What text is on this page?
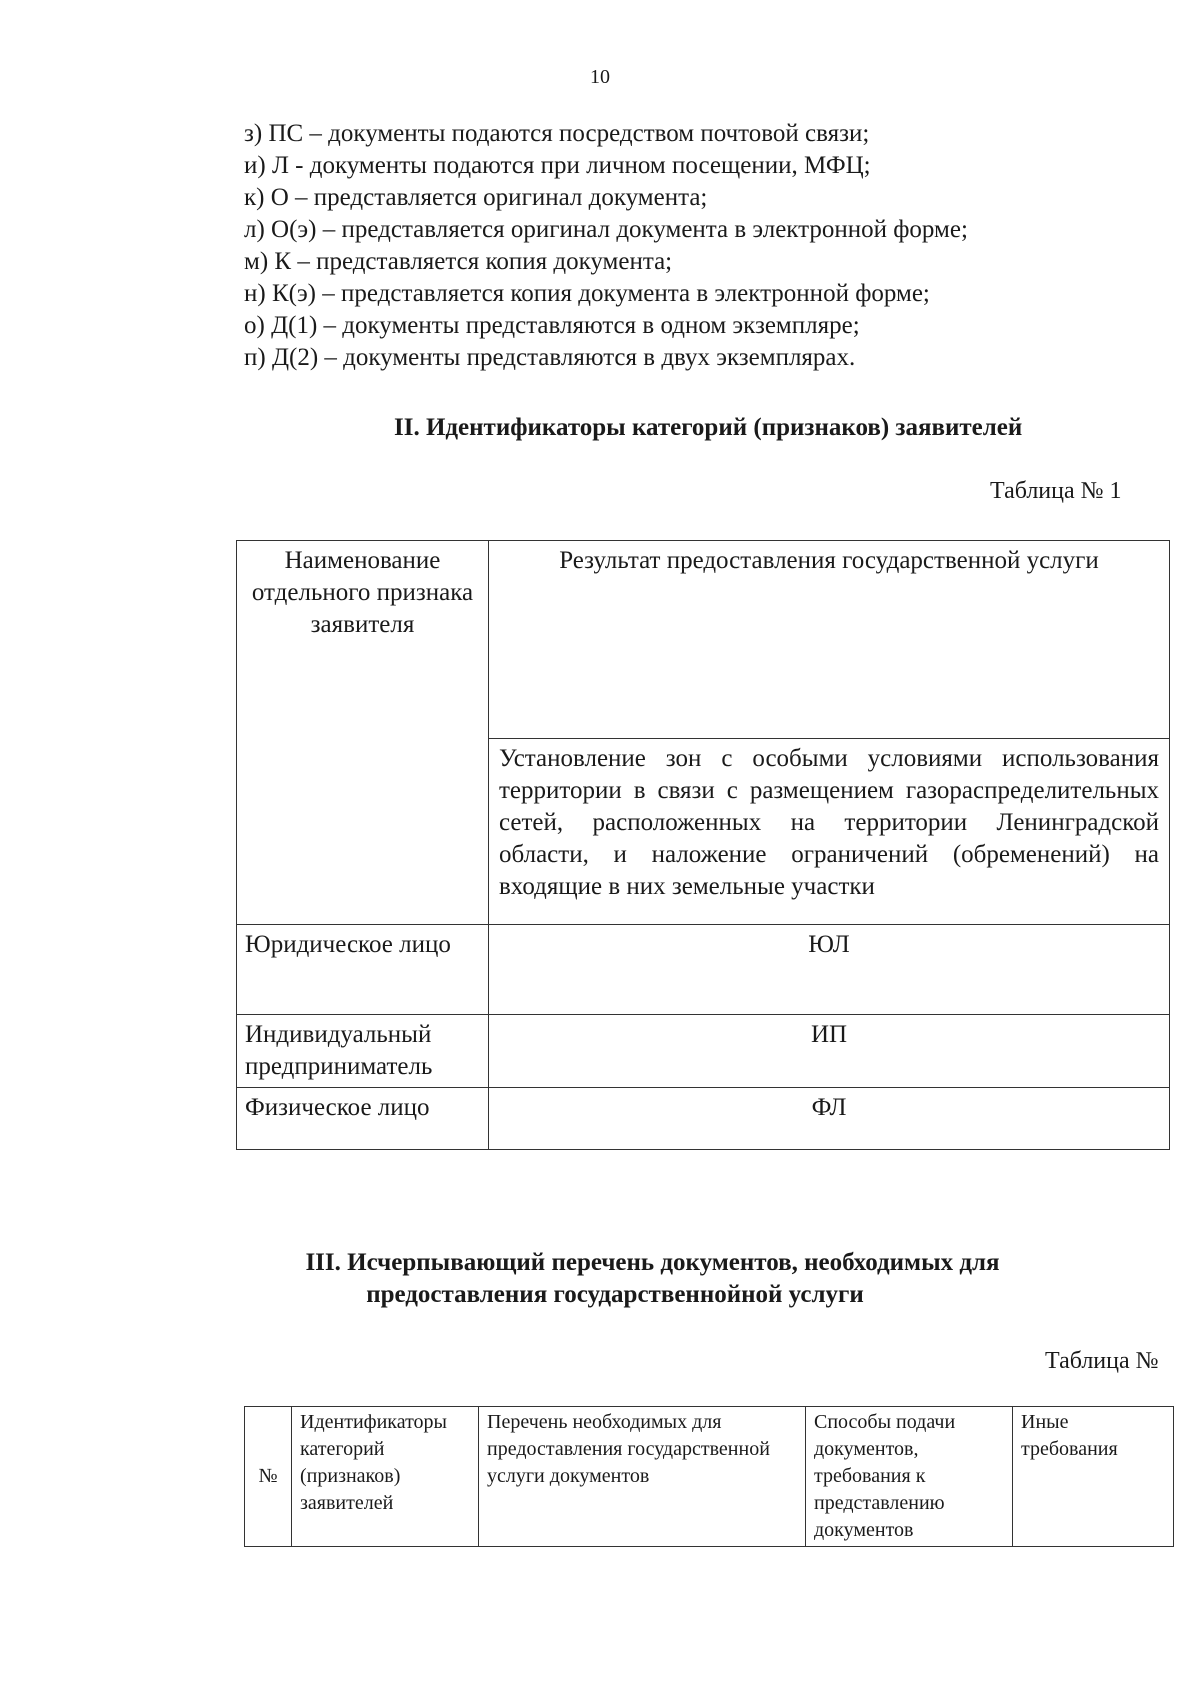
10
з) ПС – документы подаются посредством почтовой связи;
и) Л - документы подаются при личном посещении, МФЦ;
к) О – представляется оригинал документа;
л) О(э) – представляется оригинал документа в электронной форме;
м) К – представляется копия документа;
н) К(э) – представляется копия документа в электронной форме;
о) Д(1) – документы представляются в одном экземпляре;
п) Д(2) – документы представляются в двух экземплярах.
II. Идентификаторы категорий (признаков) заявителей
Таблица № 1
Наименование отдельного признака заявителя	Результат предоставления государственной услуги
	Установление зон с особыми условиями использования территории в связи с размещением газораспределительных сетей, расположенных на территории Ленинградской области, и наложение ограничений (обременений) на входящие в них земельные участки
Юридическое лицо	ЮЛ
Индивидуальный предприниматель	ИП
Физическое лицо	ФЛ
III. Исчерпывающий перечень документов, необходимых для
предоставления государственнойной услуги
Таблица №
№	Идентификаторы категорий (признаков) заявителей	Перечень необходимых для предоставления государственной услуги документов	Способы подачи документов, требования к представлению документов	Иные требования
